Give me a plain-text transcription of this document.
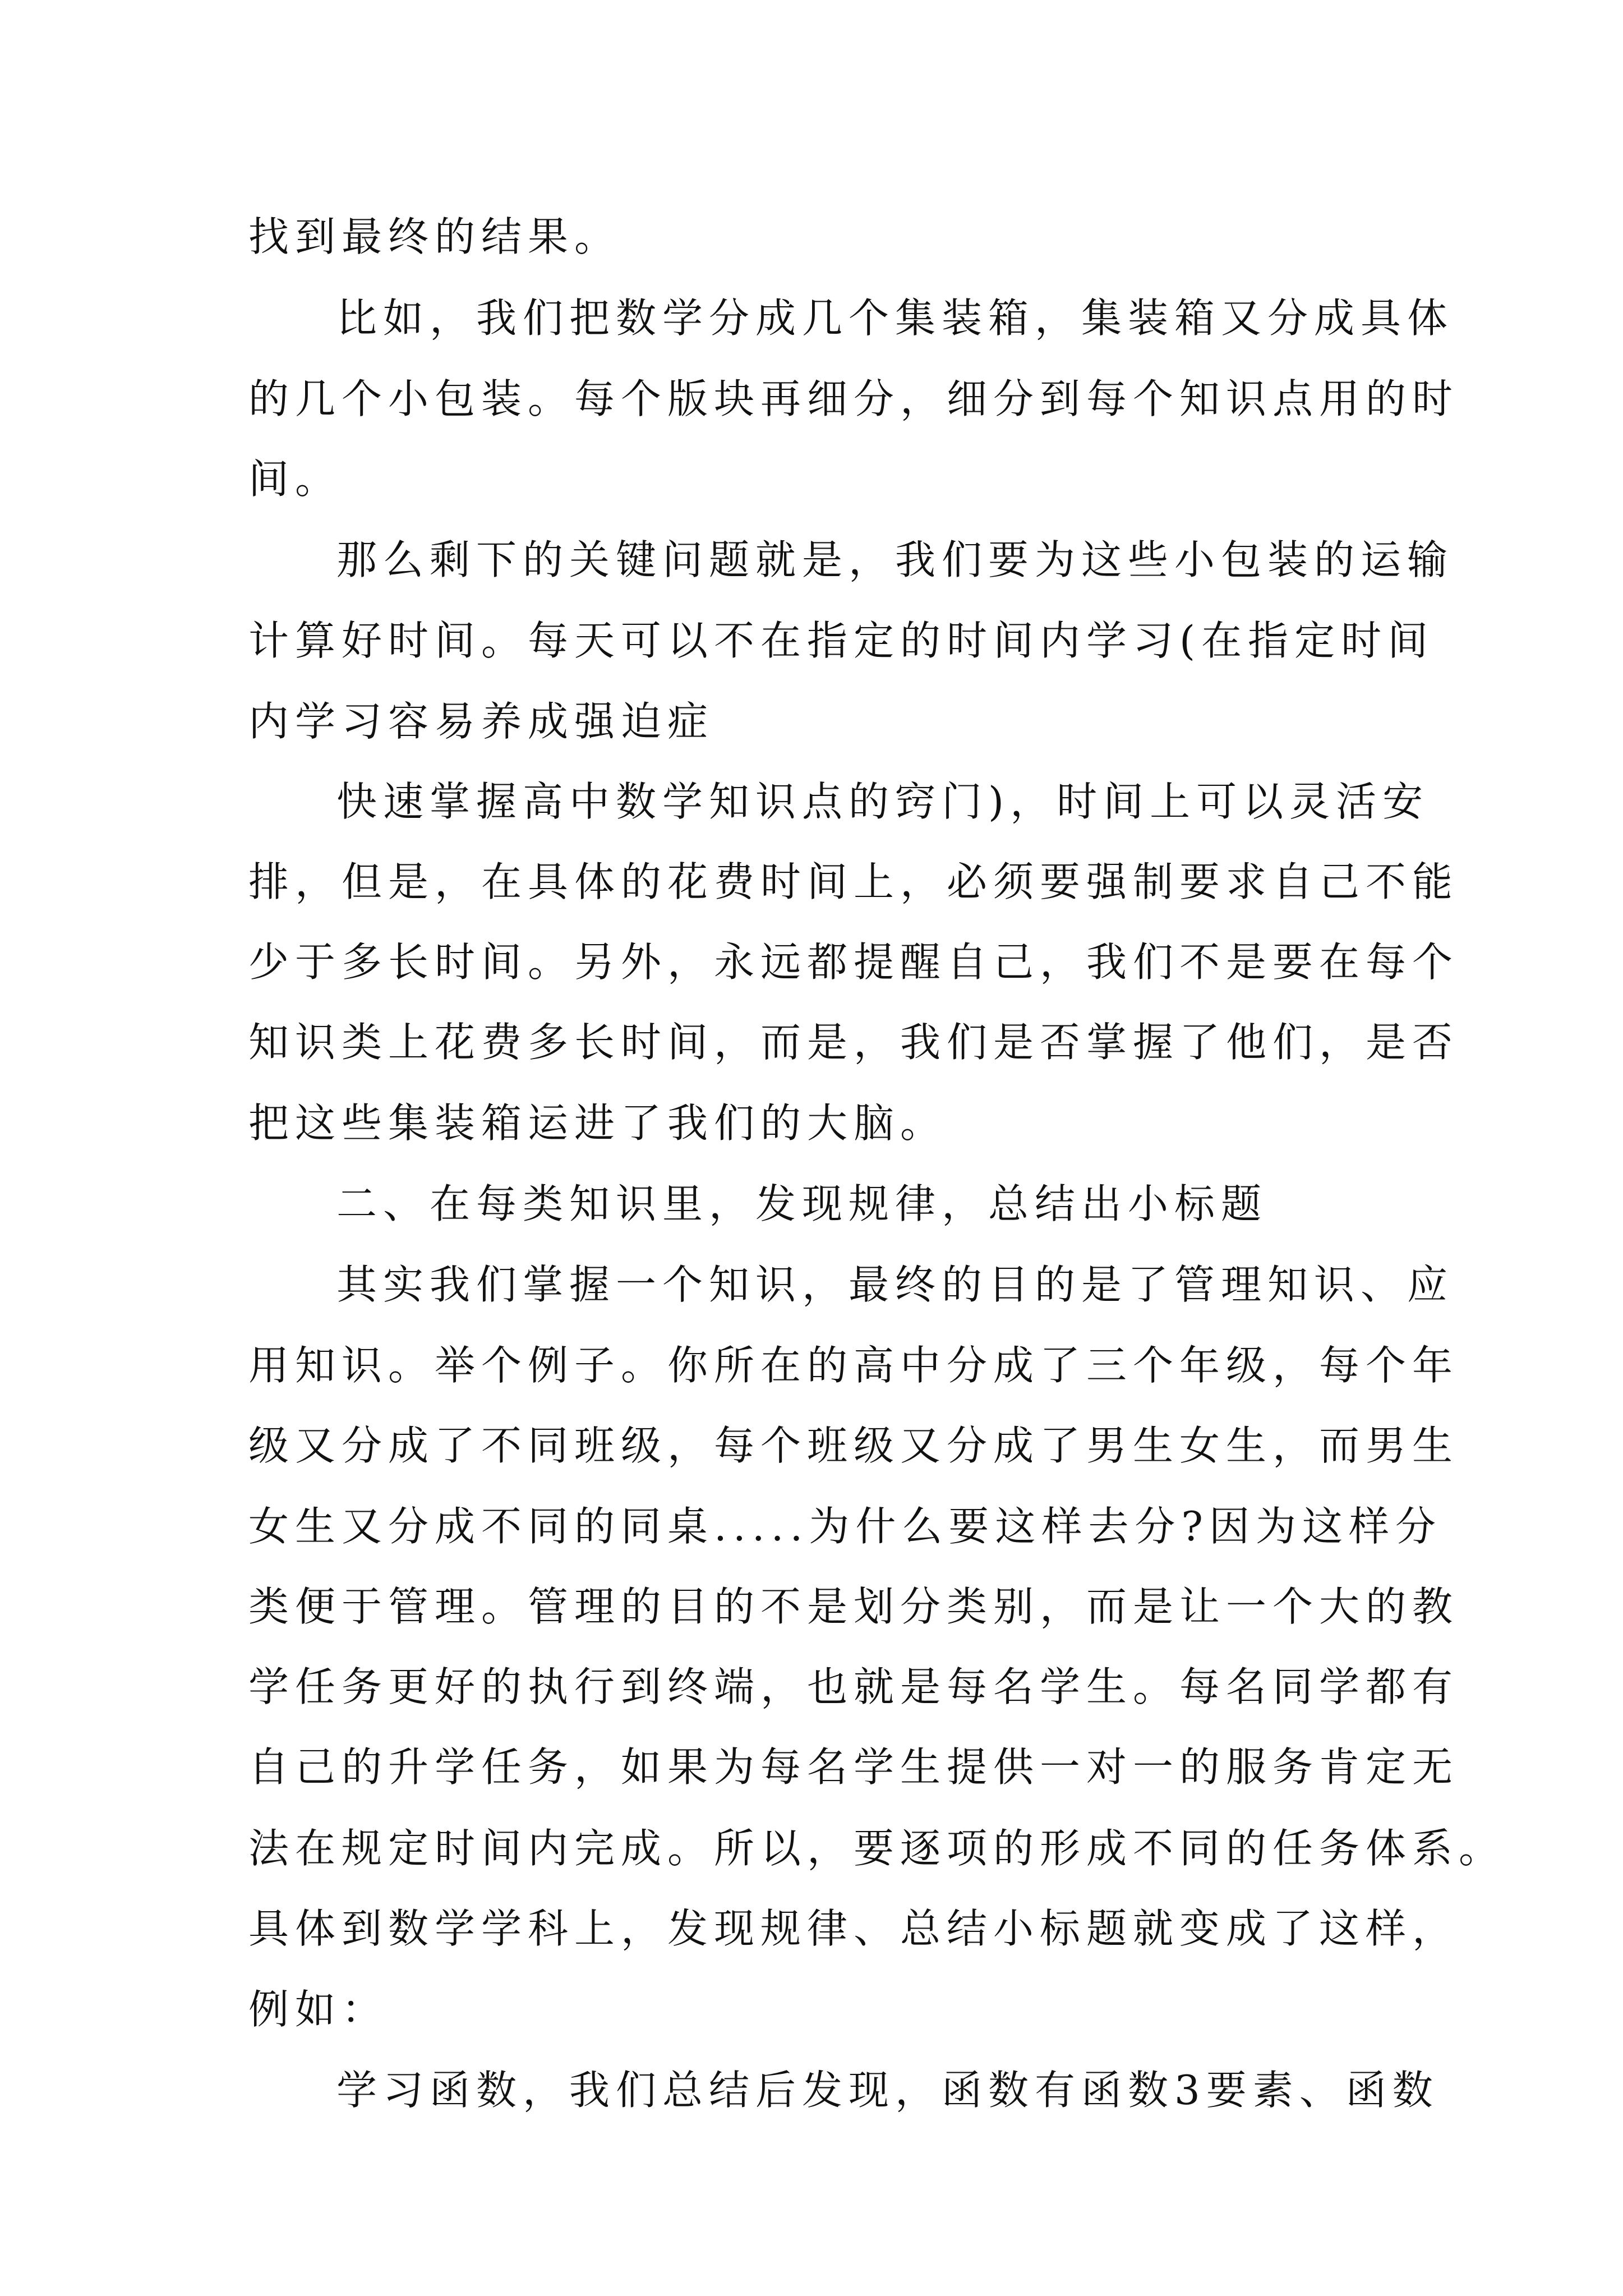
找到最终的结果。

比如，我们把数学分成几个集装箱，集装箱又分成具体

的几个小包装。每个版块再细分，细分到每个知识点用的时

间。

那么剩下的关键问题就是，我们要为这些小包装的运输

计算好时间。每天可以不在指定的时间内学习(在指定时间

内学习容易养成强迫症

快速掌握高中数学知识点的窍门)，时间上可以灵活安

排，但是，在具体的花费时间上，必须要强制要求自己不能

少于多长时间。另外，永远都提醒自己，我们不是要在每个

知识类上花费多长时间，而是，我们是否掌握了他们，是否

把这些集装箱运进了我们的大脑。

二、在每类知识里，发现规律，总结出小标题

其实我们掌握一个知识，最终的目的是了管理知识、应

用知识。举个例子。你所在的高中分成了三个年级，每个年

级又分成了不同班级，每个班级又分成了男生女生，而男生

女生又分成不同的同桌.....为什么要这样去分?因为这样分

类便于管理。管理的目的不是划分类别，而是让一个大的教

学任务更好的执行到终端，也就是每名学生。每名同学都有

自己的升学任务，如果为每名学生提供一对一的服务肯定无

法在规定时间内完成。所以，要逐项的形成不同的任务体系。

具体到数学学科上，发现规律、总结小标题就变成了这样，

例如：

学习函数，我们总结后发现，函数有函数3要素、函数
